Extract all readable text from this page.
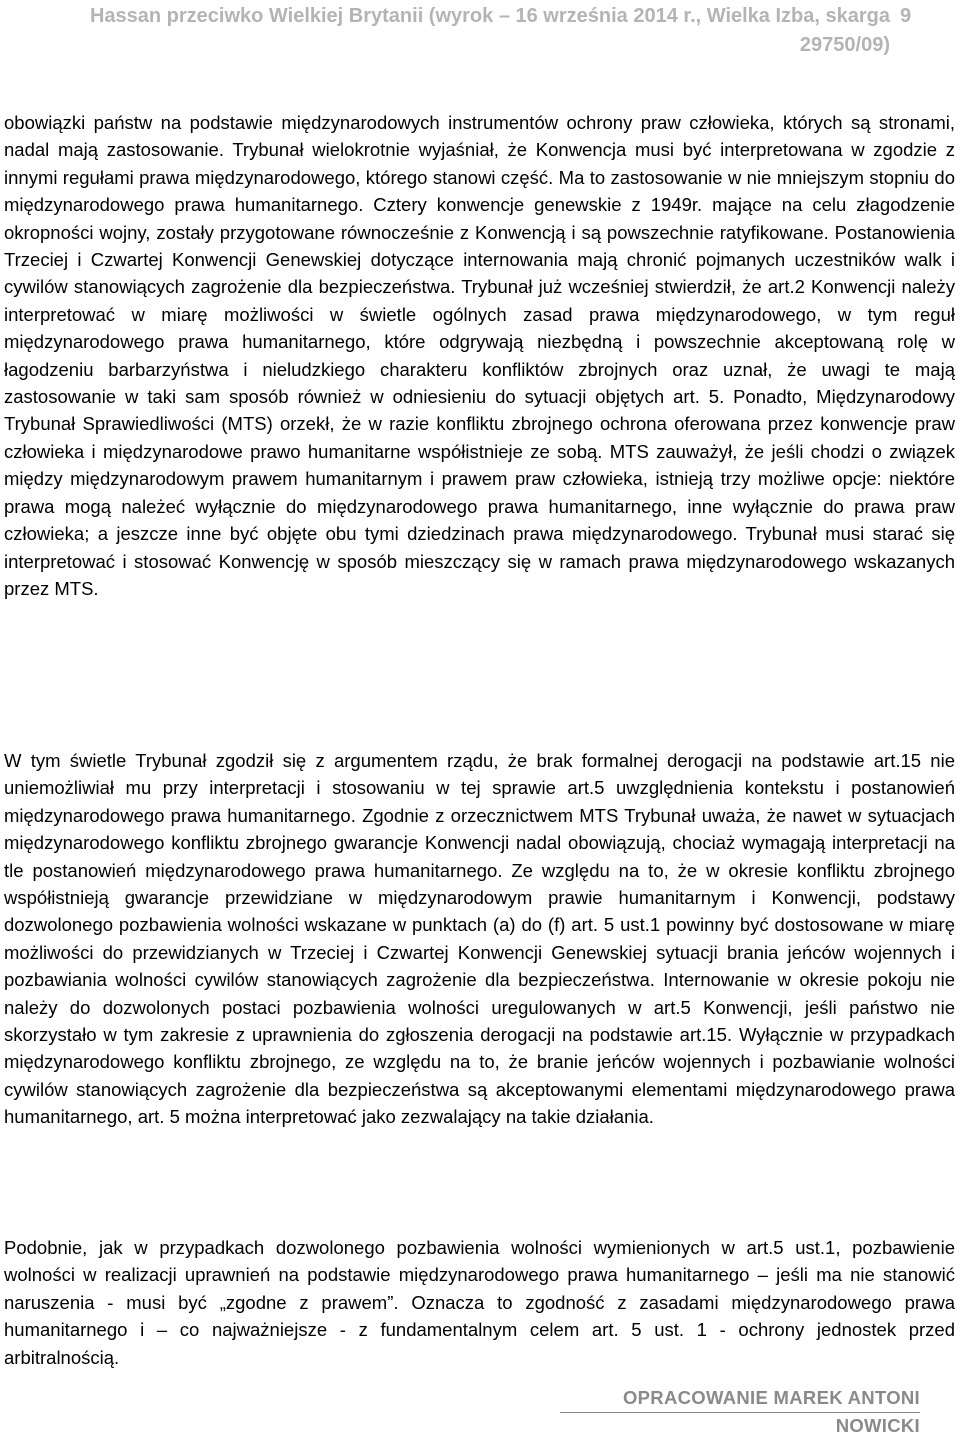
Hassan przeciwko Wielkiej Brytanii (wyrok – 16 września 2014 r., Wielka Izba, skarga 29750/09)
9

obowiązki państw na podstawie międzynarodowych instrumentów ochrony praw człowieka, których są stronami, nadal mają zastosowanie. Trybunał wielokrotnie wyjaśniał, że Konwencja musi być interpretowana w zgodzie z innymi regułami prawa międzynarodowego, którego stanowi część. Ma to zastosowanie w nie mniejszym stopniu do międzynarodowego prawa humanitarnego. Cztery konwencje genewskie z 1949r. mające na celu złagodzenie okropności wojny, zostały przygotowane równocześnie z Konwencją i są powszechnie ratyfikowane. Postanowienia Trzeciej i Czwartej Konwencji Genewskiej dotyczące internowania mają chronić pojmanych uczestników walk i cywilów stanowiących zagrożenie dla bezpieczeństwa. Trybunał już wcześniej stwierdził, że art.2 Konwencji należy interpretować w miarę możliwości w świetle ogólnych zasad prawa międzynarodowego, w tym reguł międzynarodowego prawa humanitarnego, które odgrywają niezbędną i powszechnie akceptowaną rolę w łagodzeniu barbarzyństwa i nieludzkiego charakteru konfliktów zbrojnych oraz uznał, że uwagi te mają zastosowanie w taki sam sposób również w odniesieniu do sytuacji objętych art. 5. Ponadto, Międzynarodowy Trybunał Sprawiedliwości (MTS) orzekł, że w razie konfliktu zbrojnego ochrona oferowana przez konwencje praw człowieka i międzynarodowe prawo humanitarne współistnieje ze sobą. MTS zauważył, że jeśli chodzi o związek między międzynarodowym prawem humanitarnym i prawem praw człowieka, istnieją trzy możliwe opcje: niektóre prawa mogą należeć wyłącznie do międzynarodowego prawa humanitarnego, inne wyłącznie do prawa praw człowieka; a jeszcze inne być objęte obu tymi dziedzinach prawa międzynarodowego. Trybunał musi starać się interpretować i stosować Konwencję w sposób mieszczący się w ramach prawa międzynarodowego wskazanych przez MTS.

W tym świetle Trybunał zgodził się z argumentem rządu, że brak formalnej derogacji na podstawie art.15 nie uniemożliwiał mu przy interpretacji i stosowaniu w tej sprawie art.5 uwzględnienia kontekstu i postanowień międzynarodowego prawa humanitarnego. Zgodnie z orzecznictwem MTS Trybunał uważa, że nawet w sytuacjach międzynarodowego konfliktu zbrojnego gwarancje Konwencji nadal obowiązują, chociaż wymagają interpretacji na tle postanowień międzynarodowego prawa humanitarnego. Ze względu na to, że w okresie konfliktu zbrojnego współistnieją gwarancje przewidziane w międzynarodowym prawie humanitarnym i Konwencji, podstawy dozwolonego pozbawienia wolności wskazane w punktach (a) do (f) art. 5 ust.1 powinny być dostosowane w miarę możliwości do przewidzianych w Trzeciej i Czwartej Konwencji Genewskiej sytuacji brania jeńców wojennych i pozbawiania wolności cywilów stanowiących zagrożenie dla bezpieczeństwa. Internowanie w okresie pokoju nie należy do dozwolonych postaci pozbawienia wolności uregulowanych w art.5 Konwencji, jeśli państwo nie skorzystało w tym zakresie z uprawnienia do zgłoszenia derogacji na podstawie art.15. Wyłącznie w przypadkach międzynarodowego konfliktu zbrojnego, ze względu na to, że branie jeńców wojennych i pozbawianie wolności cywilów stanowiących zagrożenie dla bezpieczeństwa są akceptowanymi elementami międzynarodowego prawa humanitarnego, art. 5 można interpretować jako zezwalający na takie działania.

Podobnie, jak w przypadkach dozwolonego pozbawienia wolności wymienionych w art.5 ust.1, pozbawienie wolności w realizacji uprawnień na podstawie międzynarodowego prawa humanitarnego – jeśli ma nie stanowić naruszenia - musi być „zgodne z prawem”. Oznacza to zgodność z zasadami międzynarodowego prawa humanitarnego i – co najważniejsze - z fundamentalnym celem art. 5 ust. 1 - ochrony jednostek przed arbitralnością.

OPRACOWANIE MAREK ANTONI NOWICKI
